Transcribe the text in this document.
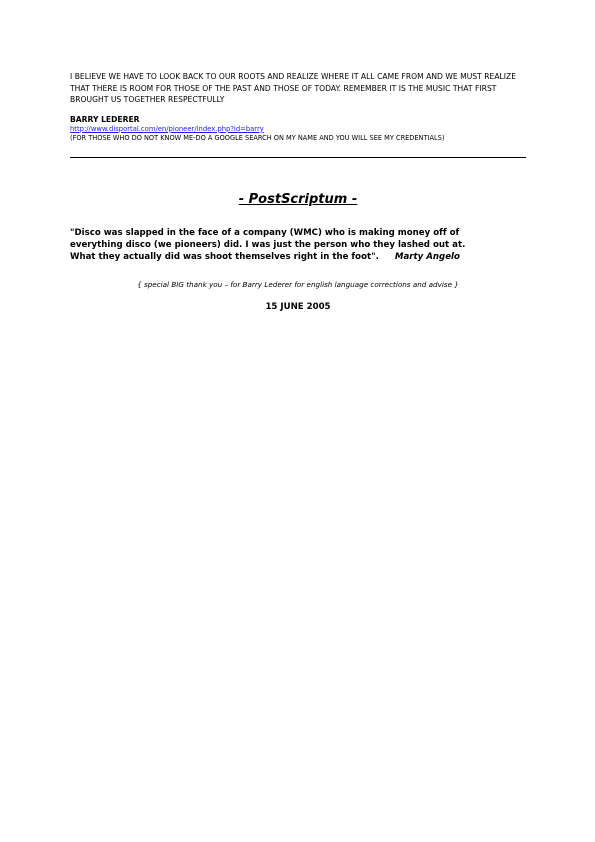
I BELIEVE WE HAVE TO LOOK BACK TO OUR ROOTS AND REALIZE WHERE IT ALL CAME FROM AND WE MUST REALIZE THAT THERE IS ROOM FOR THOSE OF THE PAST AND THOSE OF TODAY. REMEMBER IT IS THE MUSIC THAT FIRST BROUGHT US TOGETHER RESPECTFULLY

BARRY LEDERER

http://www.disportal.com/en/pioneer/index.php?id=barry

(FOR THOSE WHO DO NOT KNOW ME-DO A GOOGLE SEARCH ON MY NAME AND YOU WILL SEE MY CREDENTIALS)

- PostScriptum -

"Disco was slapped in the face of a company (WMC) who is making money off of
everything disco (we pioneers) did. I was just the person who they lashed out at.
What they actually did was shoot themselves right in the foot". Marty Angelo

{ special BIG thank you – for Barry Lederer for english language corrections and advise }

15 JUNE 2005
